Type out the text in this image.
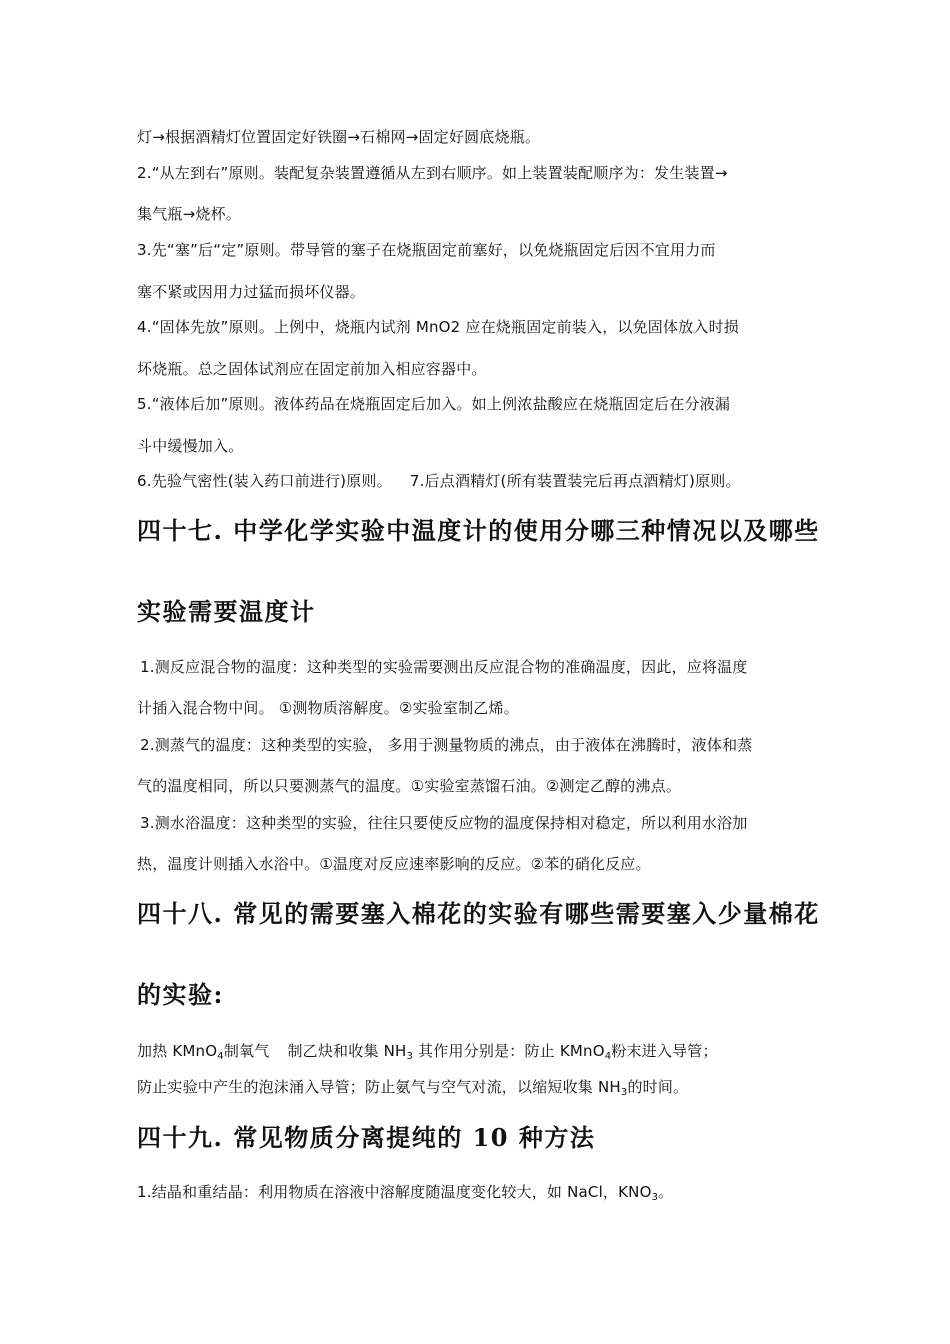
灯→根据酒精灯位置固定好铁圈→石棉网→固定好圆底烧瓶。
2.“从左到右”原则。装配复杂装置遵循从左到右顺序。如上装置装配顺序为：发生装置→
集气瓶→烧杯。
3.先“塞”后“定”原则。带导管的塞子在烧瓶固定前塞好，以免烧瓶固定后因不宜用力而
塞不紧或因用力过猛而损坏仪器。
4.“固体先放”原则。上例中，烧瓶内试剂 MnO2 应在烧瓶固定前装入，以免固体放入时损
坏烧瓶。总之固体试剂应在固定前加入相应容器中。
5.“液体后加”原则。液体药品在烧瓶固定后加入。如上例浓盐酸应在烧瓶固定后在分液漏
斗中缓慢加入。
6.先验气密性(装入药口前进行)原则。 7.后点酒精灯(所有装置装完后再点酒精灯)原则。
四十七. 中学化学实验中温度计的使用分哪三种情况以及哪些
实验需要温度计
1.测反应混合物的温度：这种类型的实验需要测出反应混合物的准确温度，因此，应将温度
计插入混合物中间。 ①测物质溶解度。②实验室制乙烯。
2.测蒸气的温度：这种类型的实验， 多用于测量物质的沸点，由于液体在沸腾时，液体和蒸
气的温度相同，所以只要测蒸气的温度。①实验室蒸馏石油。②测定乙醇的沸点。
3.测水浴温度：这种类型的实验，往往只要使反应物的温度保持相对稳定，所以利用水浴加
热，温度计则插入水浴中。①温度对反应速率影响的反应。②苯的硝化反应。
四十八. 常见的需要塞入棉花的实验有哪些需要塞入少量棉花
的实验:
加热 KMnO$_4$制氧气 制乙炔和收集 $NH_3$ 其作用分别是：防止 KMnO$_4$粉末进入导管；
防止实验中产生的泡沫涌入导管；防止氨气与空气对流，以缩短收集 $NH_3$的时间。
四十九. 常见物质分离提纯的 10 种方法
1.结晶和重结晶：利用物质在溶液中溶解度随温度变化较大，如 NaCl，$KNO_3$。
